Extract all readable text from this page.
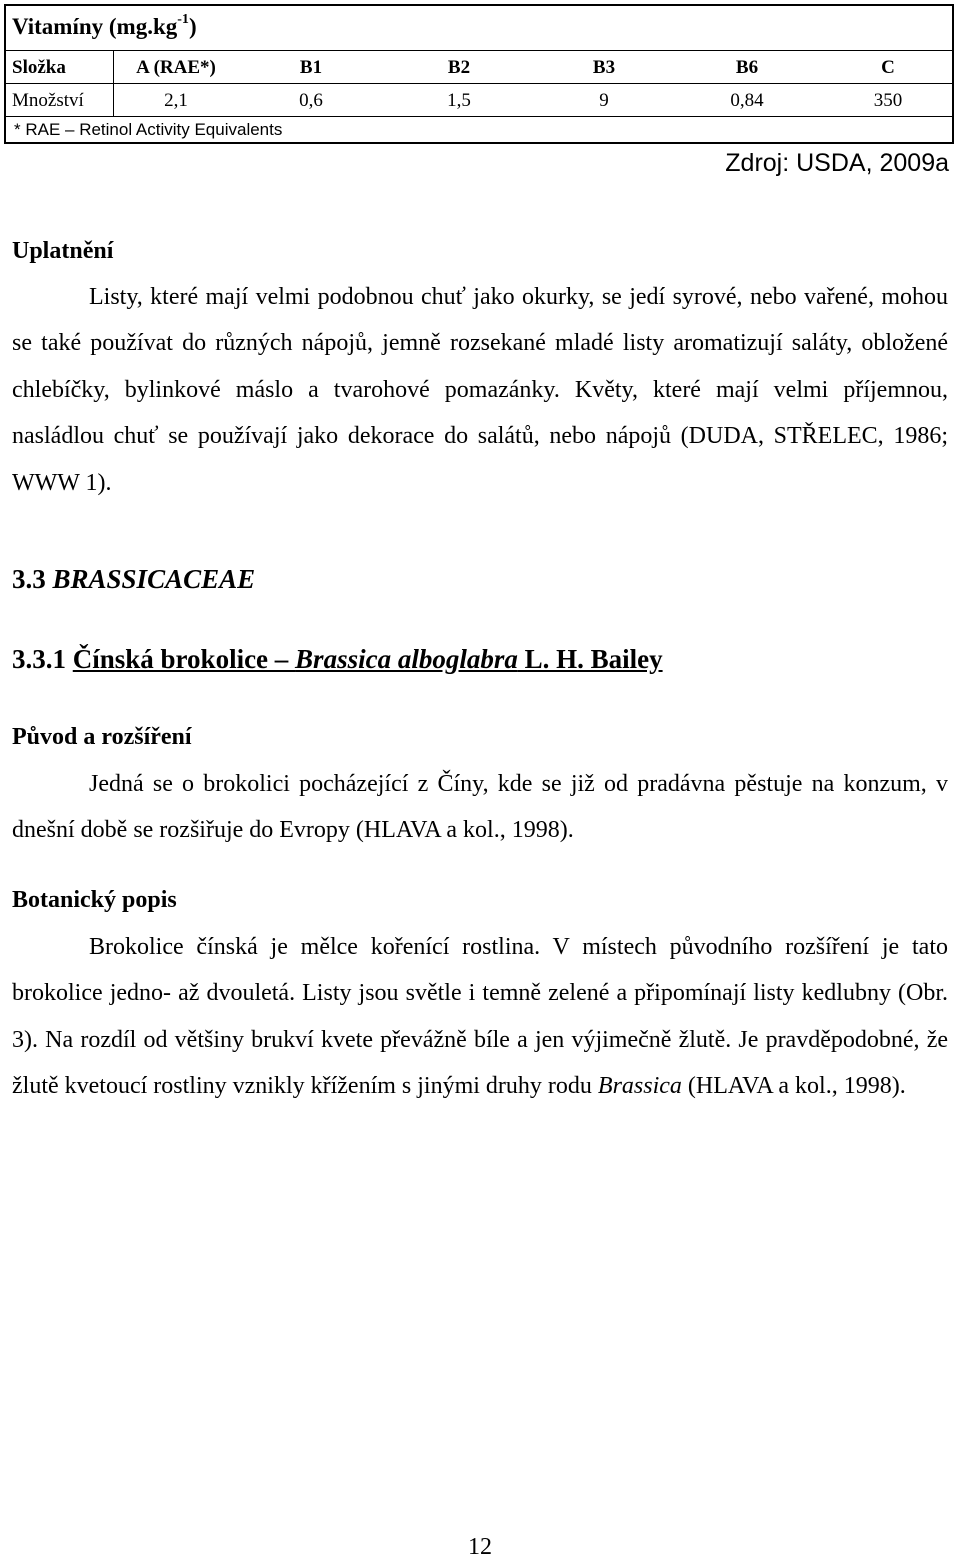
Vitamíny $(mg.kg^{-1})$
Složka	A (RAE*)	B1	B2	B3	B6	C
Množství	2,1	0,6	1,5	9	0,84	350
* RAE – Retinol Activity Equivalents
Zdroj: USDA, 2009a
Uplatnění

Listy, které mají velmi podobnou chuť jako okurky, se jedí syrové, nebo vařené, mohou se také používat do různých nápojů, jemně rozsekané mladé listy aromatizují saláty, obložené chlebíčky, bylinkové máslo a tvarohové pomazánky. Květy, které mají velmi příjemnou, nasládlou chuť se používají jako dekorace do salátů, nebo nápojů (DUDA, STŘELEC, 1986; WWW 1).

3.3 BRASSICACEAE
3.3.1 Čínská brokolice – Brassica alboglabra L. H. Bailey
Původ a rozšíření

Jedná se o brokolici pocházející z Číny, kde se již od pradávna pěstuje na konzum, v dnešní době se rozšiřuje do Evropy (HLAVA a kol., 1998).

Botanický popis

Brokolice čínská je mělce kořenící rostlina. V místech původního rozšíření je tato brokolice jedno- až dvouletá. Listy jsou světle i temně zelené a připomínají listy kedlubny (Obr. 3). Na rozdíl od většiny brukví kvete převážně bíle a jen výjimečně žlutě. Je pravděpodobné, že žlutě kvetoucí rostliny vznikly křížením s jinými druhy rodu Brassica (HLAVA a kol., 1998).

12
